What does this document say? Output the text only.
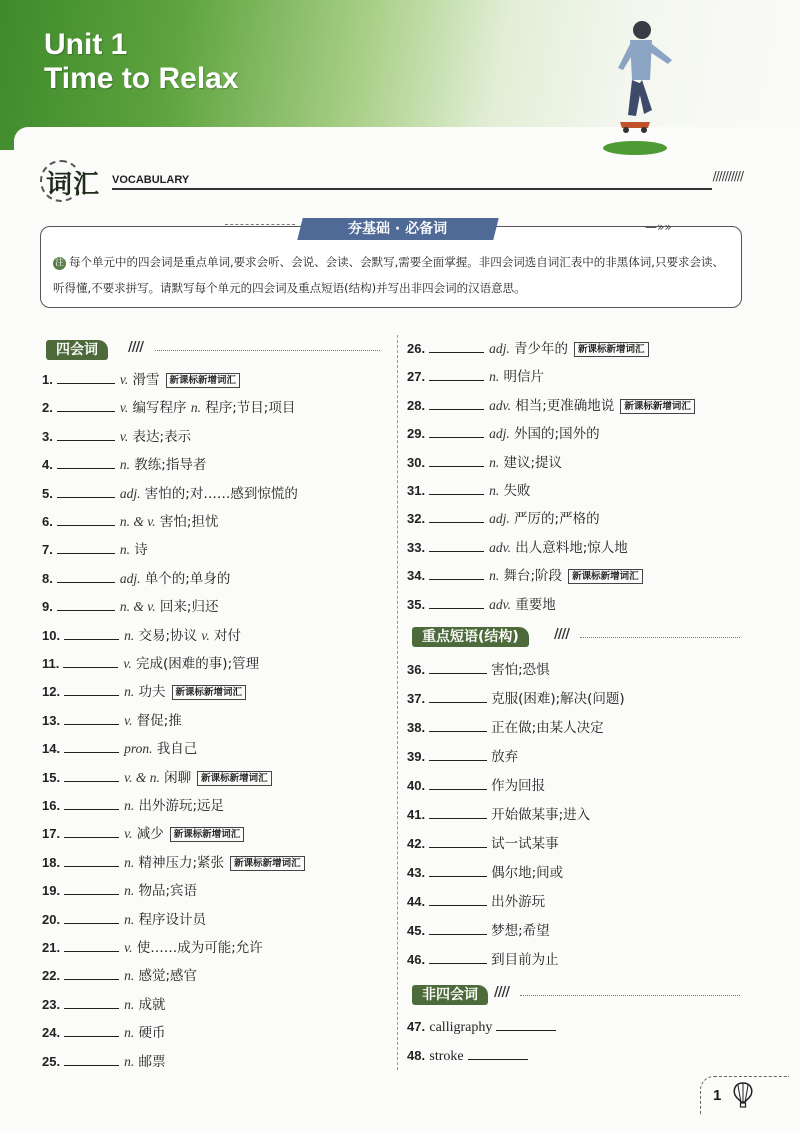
Unit 1
Time to Relax
词汇 VOCABULARY	//////////
注 每个单元中的四会词是重点单词,要求会听、会说、会读、会默写,需要全面掌握。非四会词选自词汇表中的非黑体词,只要求会读、听得懂,不要求拼写。请默写每个单元的四会词及重点短语(结构)并写出非四会词的汉语意思。
夯基础 · 必备词	—»»
四会词	////
重点短语(结构)	////
非四会词	////
1.	v. 滑雪 新课标新增词汇
2.	v. 编写程序 n. 程序;节目;项目
3.	v. 表达;表示
4.	n. 教练;指导者
5.	adj. 害怕的;对……感到惊慌的
6.	n. & v. 害怕;担忧
7.	n. 诗
8.	adj. 单个的;单身的
9.	n. & v. 回来;归还
10.	n. 交易;协议 v. 对付
11.	v. 完成(困难的事);管理
12.	n. 功夫 新课标新增词汇
13.	v. 督促;推
14.	pron. 我自己
15.	v. & n. 闲聊 新课标新增词汇
16.	n. 出外游玩;远足
17.	v. 减少 新课标新增词汇
18.	n. 精神压力;紧张 新课标新增词汇
19.	n. 物品;宾语
20.	n. 程序设计员
21.	v. 使……成为可能;允许
22.	n. 感觉;感官
23.	n. 成就
24.	n. 硬币
25.	n. 邮票
26.	adj. 青少年的 新课标新增词汇
27.	n. 明信片
28.	adv. 相当;更准确地说 新课标新增词汇
29.	adj. 外国的;国外的
30.	n. 建议;提议
31.	n. 失败
32.	adj. 严厉的;严格的
33.	adv. 出人意料地;惊人地
34.	n. 舞台;阶段 新课标新增词汇
35.	adv. 重要地
36.	害怕;恐惧
37.	克服(困难);解决(问题)
38.	正在做;由某人决定
39.	放弃
40.	作为回报
41.	开始做某事;进入
42.	试一试某事
43.	偶尔地;间或
44.	出外游玩
45.	梦想;希望
46.	到目前为止
47. calligraphy
48. stroke
1
